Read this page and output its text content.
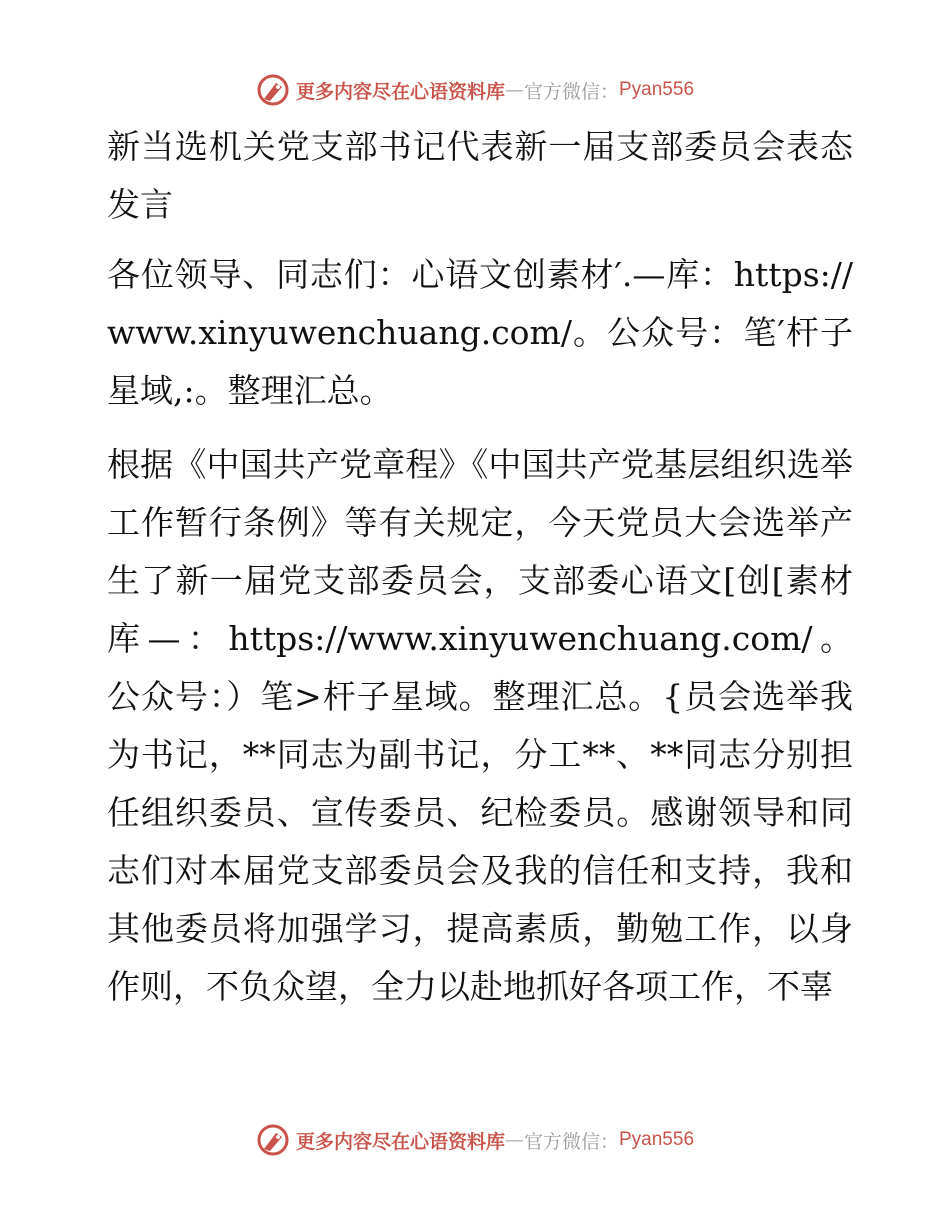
更多内容尽在心语资料库 — 官方微信： Pyan556

新当选机关党支部书记代表新一届支部委员会表态发言

各位领导、同志们：心语文创素材′.—库：https://www.xinyuwenchuang.com/。公众号：笔′杆子星域,:。整理汇总。

根据《中国共产党章程》《中国共产党基层组织选举工作暂行条例》等有关规定，今天党员大会选举产生了新一届党支部委员会，支部委心语文[创[素材库—：https://www.xinyuwenchuang.com/。公众号：）笔>杆子星域。整理汇总。{员会选举我为书记，**同志为副书记，分工**、**同志分别担任组织委员、宣传委员、纪检委员。感谢领导和同志们对本届党支部委员会及我的信任和支持，我和其他委员将加强学习，提高素质，勤勉工作，以身作则，不负众望，全力以赴地抓好各项工作，不辜

更多内容尽在心语资料库 — 官方微信： Pyan556
